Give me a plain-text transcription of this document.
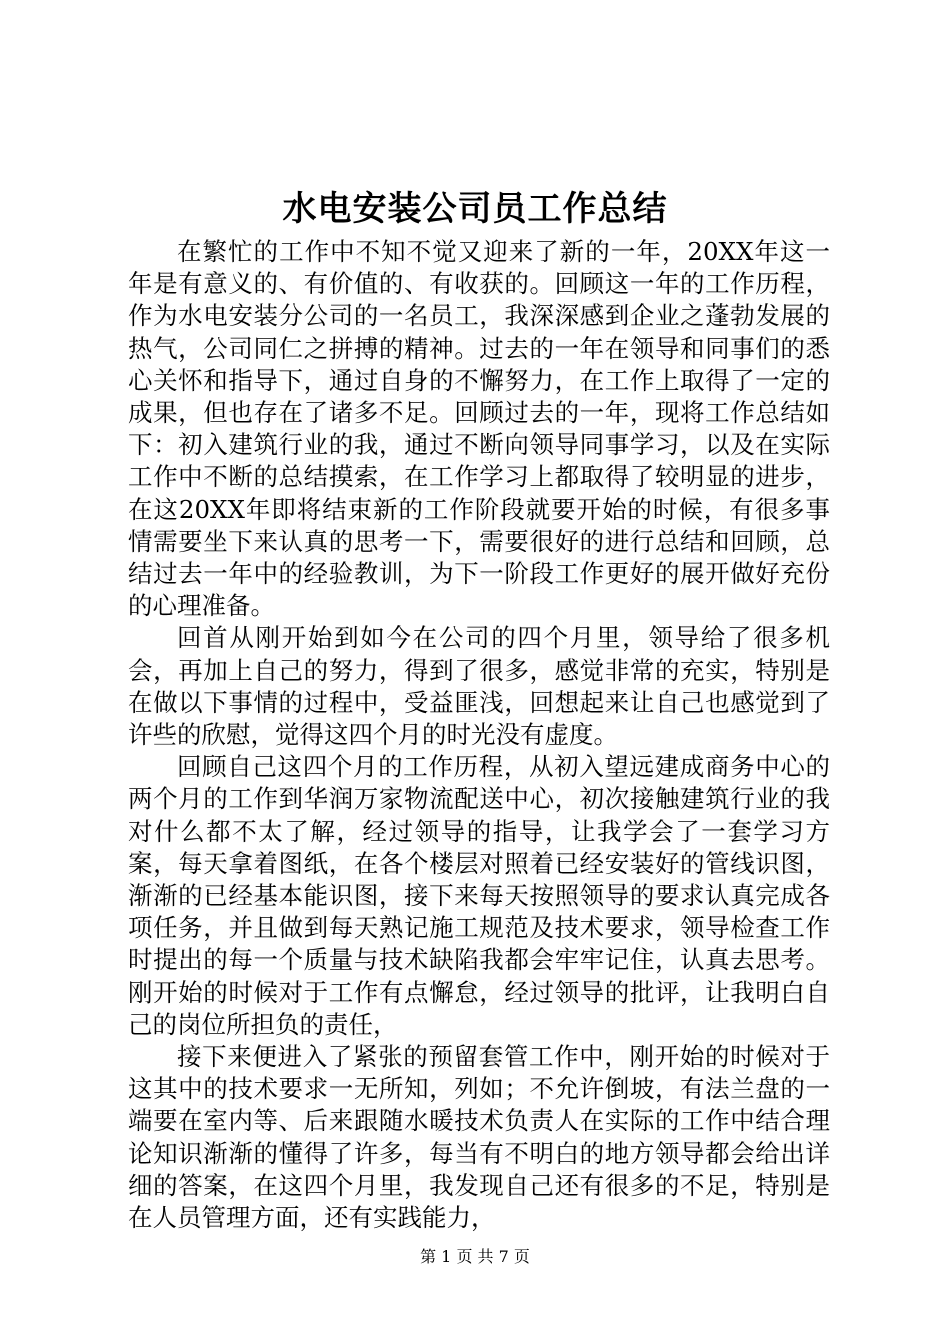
水电安装公司员工作总结

在繁忙的工作中不知不觉又迎来了新的一年，20XX年这一年是有意义的、有价值的、有收获的。回顾这一年的工作历程，作为水电安装分公司的一名员工，我深深感到企业之蓬勃发展的热气，公司同仁之拼搏的精神。过去的一年在领导和同事们的悉心关怀和指导下，通过自身的不懈努力，在工作上取得了一定的成果，但也存在了诸多不足。回顾过去的一年，现将工作总结如下：初入建筑行业的我，通过不断向领导同事学习，以及在实际工作中不断的总结摸索，在工作学习上都取得了较明显的进步，在这20XX年即将结束新的工作阶段就要开始的时候，有很多事情需要坐下来认真的思考一下，需要很好的进行总结和回顾，总结过去一年中的经验教训，为下一阶段工作更好的展开做好充份的心理准备。

回首从刚开始到如今在公司的四个月里，领导给了很多机会，再加上自己的努力，得到了很多，感觉非常的充实，特别是在做以下事情的过程中，受益匪浅，回想起来让自己也感觉到了许些的欣慰，觉得这四个月的时光没有虚度。

回顾自己这四个月的工作历程，从初入望远建成商务中心的两个月的工作到华润万家物流配送中心，初次接触建筑行业的我对什么都不太了解，经过领导的指导，让我学会了一套学习方案，每天拿着图纸，在各个楼层对照着已经安装好的管线识图，渐渐的已经基本能识图，接下来每天按照领导的要求认真完成各项任务，并且做到每天熟记施工规范及技术要求，领导检查工作时提出的每一个质量与技术缺陷我都会牢牢记住，认真去思考。刚开始的时候对于工作有点懈怠，经过领导的批评，让我明白自己的岗位所担负的责任，

接下来便进入了紧张的预留套管工作中，刚开始的时候对于这其中的技术要求一无所知，列如；不允许倒坡，有法兰盘的一端要在室内等、后来跟随水暖技术负责人在实际的工作中结合理论知识渐渐的懂得了许多，每当有不明白的地方领导都会给出详细的答案，在这四个月里，我发现自己还有很多的不足，特别是在人员管理方面，还有实践能力，

第 1 页 共 7 页
